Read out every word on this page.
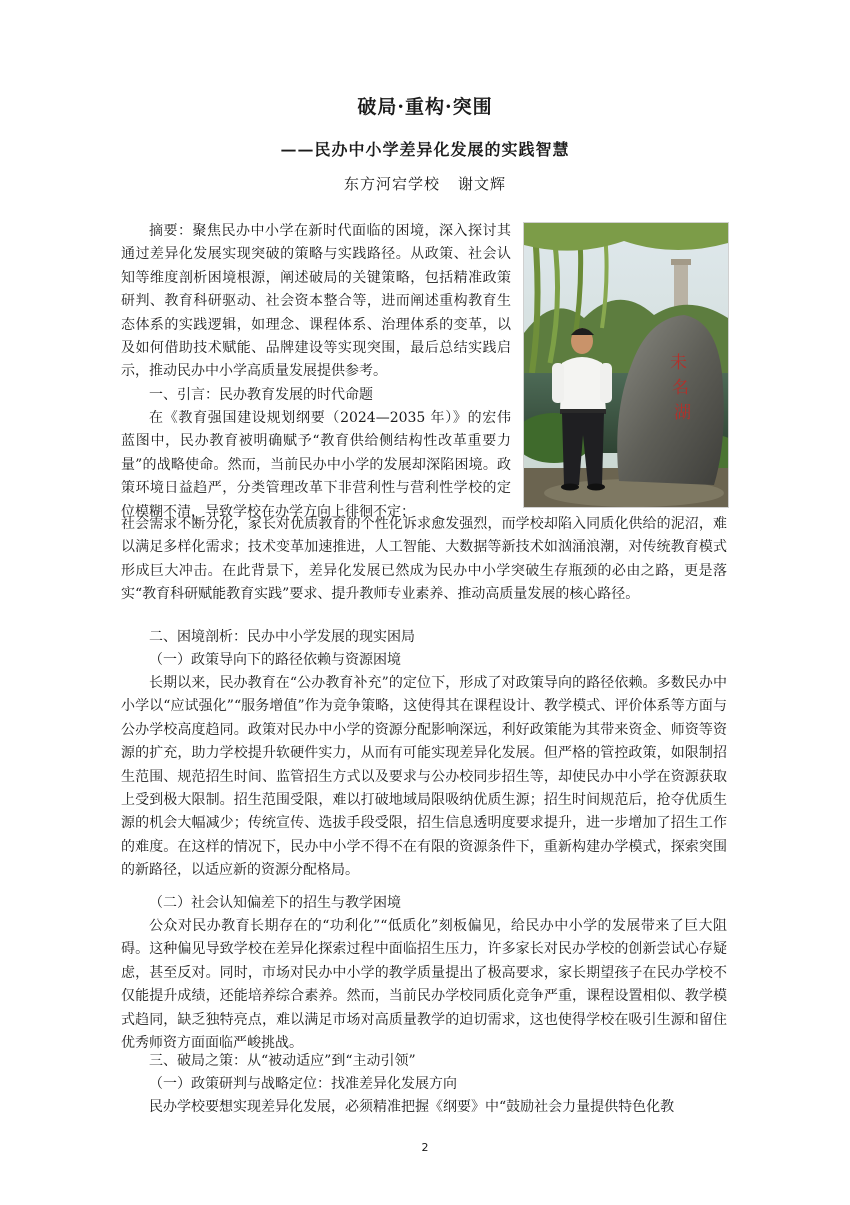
破局·重构·突围
——民办中小学差异化发展的实践智慧
东方河宕学校 谢文辉
未
名
湖

摘要：聚焦民办中小学在新时代面临的困境，深入探讨其通过差异化发展实现突破的策略与实践路径。从政策、社会认知等维度剖析困境根源，阐述破局的关键策略，包括精准政策研判、教育科研驱动、社会资本整合等，进而阐述重构教育生态体系的实践逻辑，如理念、课程体系、治理体系的变革，以及如何借助技术赋能、品牌建设等实现突围，最后总结实践启示，推动民办中小学高质量发展提供参考。

一、引言：民办教育发展的时代命题

在《教育强国建设规划纲要（2024—2035 年）》的宏伟蓝图中，民办教育被明确赋予“教育供给侧结构性改革重要力量”的战略使命。然而，当前民办中小学的发展却深陷困境。政策环境日益趋严，分类管理改革下非营利性与营利性学校的定位模糊不清，导致学校在办学方向上徘徊不定；

社会需求不断分化，家长对优质教育的个性化诉求愈发强烈，而学校却陷入同质化供给的泥沼，难以满足多样化需求；技术变革加速推进，人工智能、大数据等新技术如汹涌浪潮，对传统教育模式形成巨大冲击。在此背景下，差异化发展已然成为民办中小学突破生存瓶颈的必由之路，更是落实“教育科研赋能教育实践”要求、提升教师专业素养、推动高质量发展的核心路径。

二、困境剖析：民办中小学发展的现实困局

（一）政策导向下的路径依赖与资源困境

长期以来，民办教育在“公办教育补充”的定位下，形成了对政策导向的路径依赖。多数民办中小学以“应试强化”“服务增值”作为竞争策略，这使得其在课程设计、教学模式、评价体系等方面与公办学校高度趋同。政策对民办中小学的资源分配影响深远，利好政策能为其带来资金、师资等资源的扩充，助力学校提升软硬件实力，从而有可能实现差异化发展。但严格的管控政策，如限制招生范围、规范招生时间、监管招生方式以及要求与公办校同步招生等，却使民办中小学在资源获取上受到极大限制。招生范围受限，难以打破地域局限吸纳优质生源；招生时间规范后，抢夺优质生源的机会大幅减少；传统宣传、选拔手段受限，招生信息透明度要求提升，进一步增加了招生工作的难度。在这样的情况下，民办中小学不得不在有限的资源条件下，重新构建办学模式，探索突围的新路径，以适应新的资源分配格局。

（二）社会认知偏差下的招生与教学困境

公众对民办教育长期存在的“功利化”“低质化”刻板偏见，给民办中小学的发展带来了巨大阻碍。这种偏见导致学校在差异化探索过程中面临招生压力，许多家长对民办学校的创新尝试心存疑虑，甚至反对。同时，市场对民办中小学的教学质量提出了极高要求，家长期望孩子在民办学校不仅能提升成绩，还能培养综合素养。然而，当前民办学校同质化竞争严重，课程设置相似、教学模式趋同，缺乏独特亮点，难以满足市场对高质量教学的迫切需求，这也使得学校在吸引生源和留住优秀师资方面面临严峻挑战。

三、破局之策：从“被动适应”到“主动引领”

（一）政策研判与战略定位：找准差异化发展方向

民办学校要想实现差异化发展，必须精准把握《纲要》中“鼓励社会力量提供特色化教

2
